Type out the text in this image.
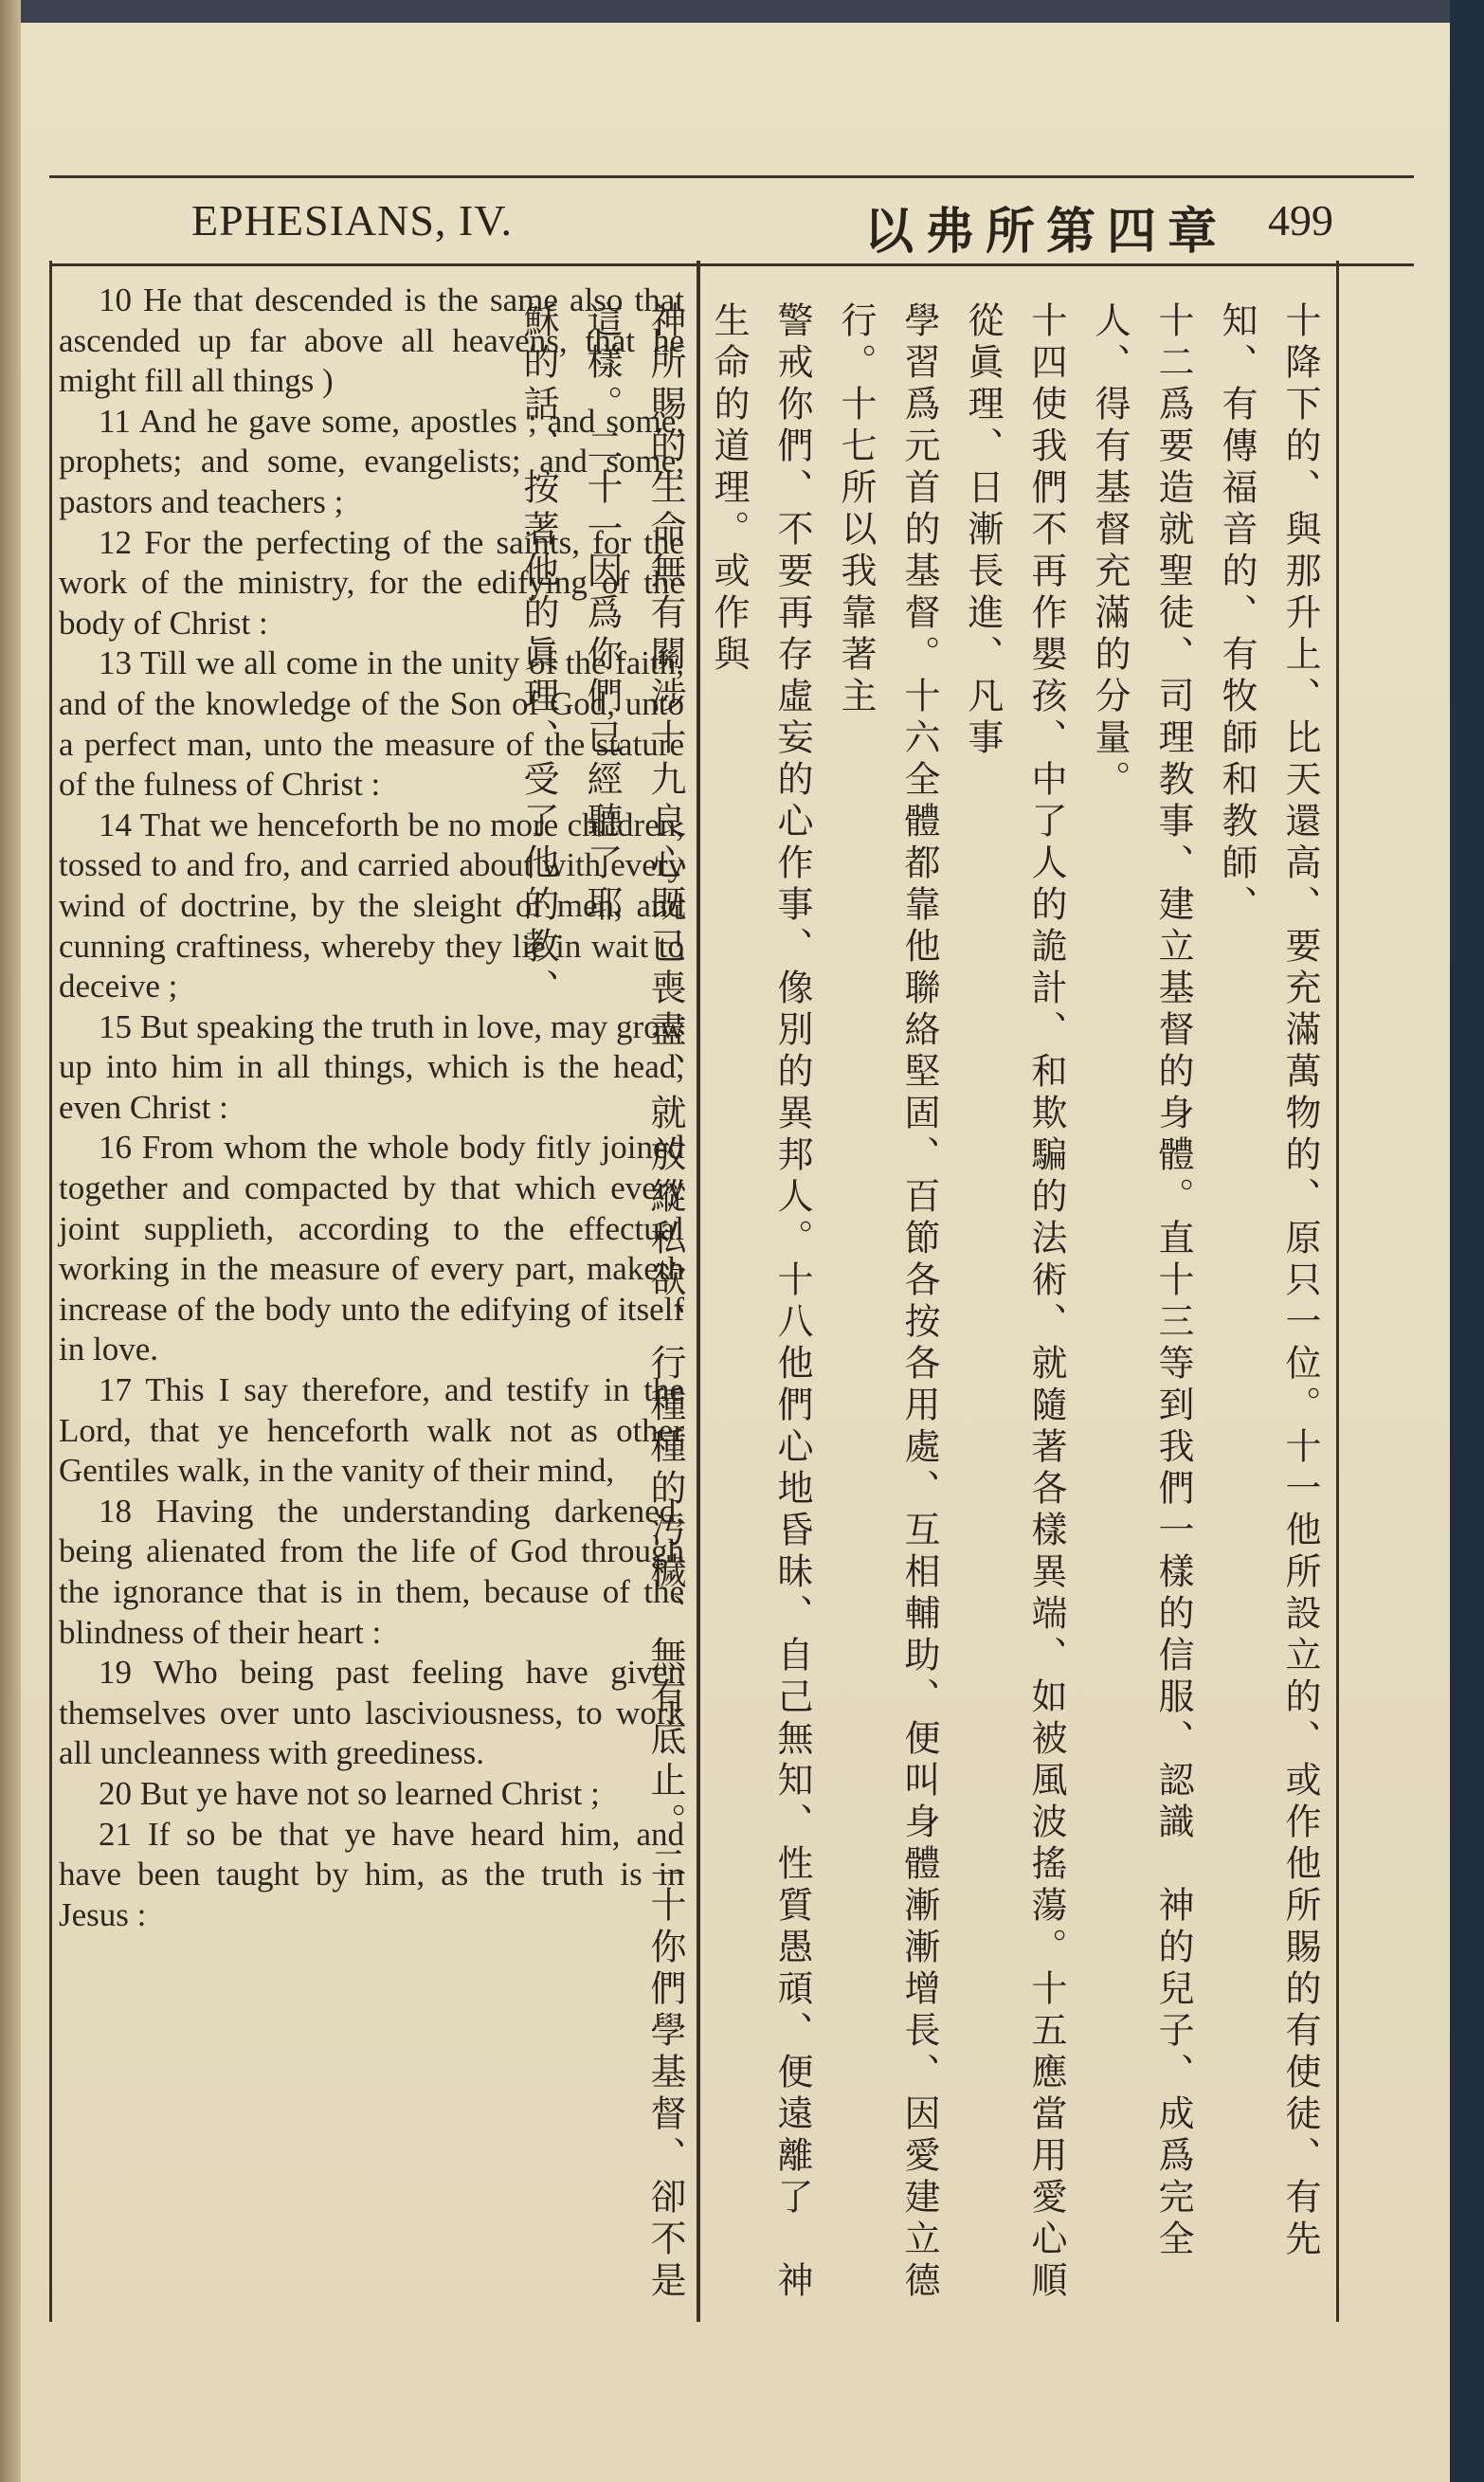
EPHESIANS, IV.	以弗所第四章 499

10 He that descended is the same also that ascended up far above all heavens, that he might fill all things )

11 And he gave some, apostles ; and some, prophets; and some, evangelists; and some, pastors and teachers ;

12 For the perfecting of the saints, for the work of the ministry, for the edifying of the body of Christ :

13 Till we all come in the unity of the faith, and of the knowledge of the Son of God, unto a perfect man, unto the measure of the stature of the fulness of Christ :

14 That we henceforth be no more children, tossed to and fro, and carried about with every wind of doctrine, by the sleight of men, and cunning craftiness, whereby they lie in wait to deceive ;

15 But speaking the truth in love, may grow up into him in all things, which is the head, even Christ :

16 From whom the whole body fitly joined together and compacted by that which every joint supplieth, according to the effectual working in the measure of every part, maketh increase of the body unto the edifying of itself in love.

17 This I say therefore, and testify in the Lord, that ye henceforth walk not as other Gentiles walk, in the vanity of their mind,

18 Having the understanding darkened, being alienated from the life of God through the ignorance that is in them, because of the blindness of their heart :

19 Who being past feeling have given themselves over unto lasciviousness, to work all uncleanness with greediness.

20 But ye have not so learned Christ ;

21 If so be that ye have heard him, and have been taught by him, as the truth is in Jesus :	十降下的、與那升上、比天還高、要充滿萬物的、原只一位。十一他所設立的、或作他所賜的有使徒、有先知、有傳福音的、有牧師和教師、
十二爲要造就聖徒、司理教事、建立基督的身體。直十三等到我們一樣的信服、認識　神的兒子、成爲完全人、得有基督充滿的分量。
十四使我們不再作嬰孩、中了人的詭計、和欺騙的法術、就隨著各樣異端、如被風波搖蕩。十五應當用愛心順從眞理、日漸長進、凡事
學習爲元首的基督。十六全體都靠他聯絡堅固、百節各按各用處、互相輔助、便叫身體漸漸增長、因愛建立德行。十七所以我靠著主
警戒你們、不要再存虛妄的心作事、像別的異邦人。十八他們心地昏昧、自己無知、性質愚頑、便遠離了　神生命的道理。或作與
神所賜的生命無有關涉十九良心既已喪盡、就放縱私欲、行種種的汚穢、無有底止。二十你們學基督、卻不是這樣。二十一因爲你們已經聽了耶
穌的話、按著他的眞理、受了他的教、
